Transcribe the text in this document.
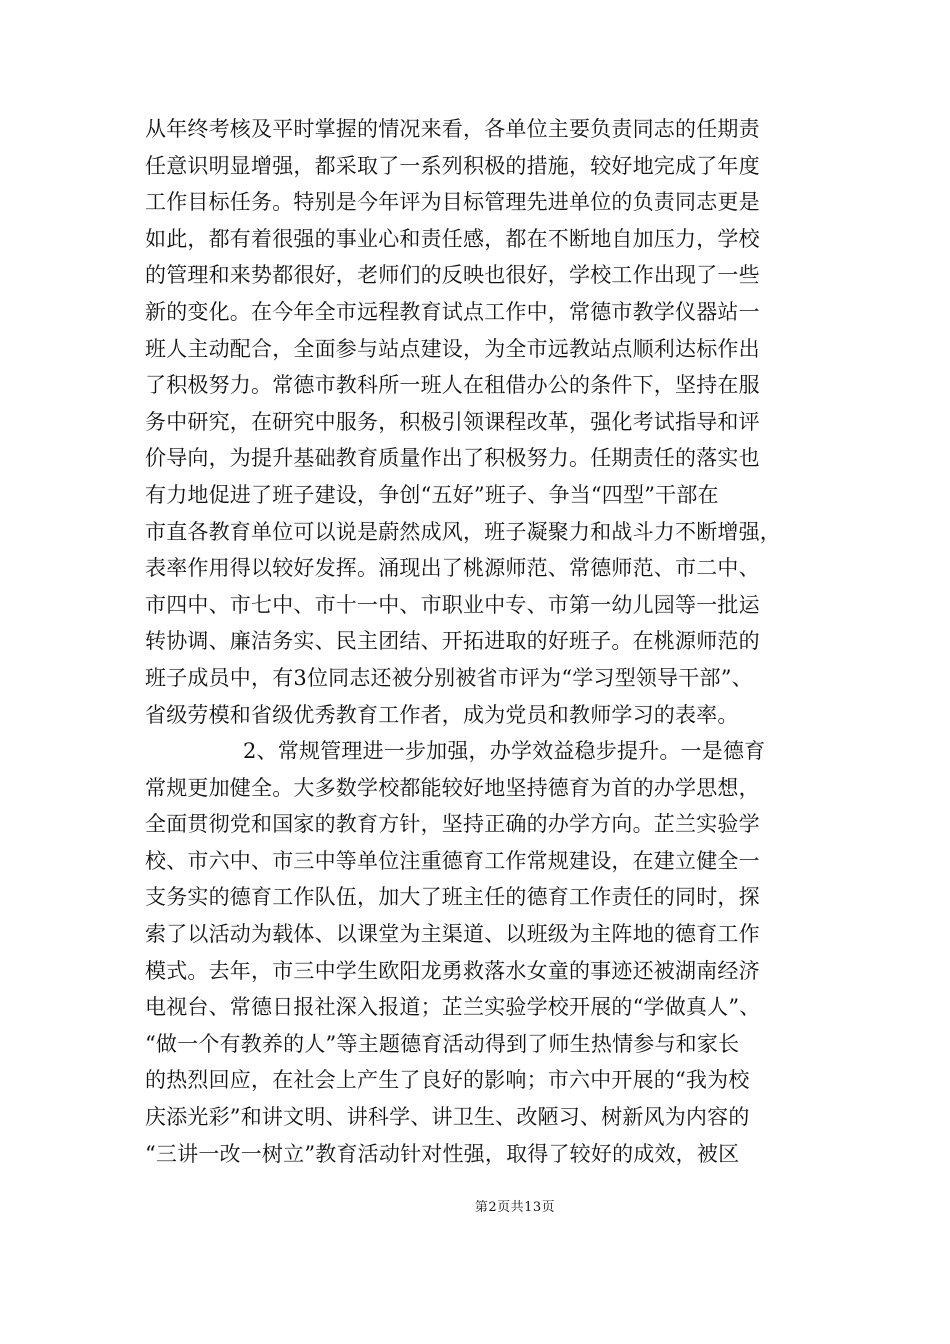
从年终考核及平时掌握的情况来看，各单位主要负责同志的任期责
任意识明显增强，都采取了一系列积极的措施，较好地完成了年度
工作目标任务。特别是今年评为目标管理先进单位的负责同志更是
如此，都有着很强的事业心和责任感，都在不断地自加压力，学校
的管理和来势都很好，老师们的反映也很好，学校工作出现了一些
新的变化。在今年全市远程教育试点工作中，常德市教学仪器站一
班人主动配合，全面参与站点建设，为全市远教站点顺利达标作出
了积极努力。常德市教科所一班人在租借办公的条件下，坚持在服
务中研究，在研究中服务，积极引领课程改革，强化考试指导和评
价导向，为提升基础教育质量作出了积极努力。任期责任的落实也
有力地促进了班子建设，争创“五好”班子、争当“四型”干部在
市直各教育单位可以说是蔚然成风，班子凝聚力和战斗力不断增强，
表率作用得以较好发挥。涌现出了桃源师范、常德师范、市二中、
市四中、市七中、市十一中、市职业中专、市第一幼儿园等一批运
转协调、廉洁务实、民主团结、开拓进取的好班子。在桃源师范的
班子成员中，有3位同志还被分别被省市评为“学习型领导干部”、
省级劳模和省级优秀教育工作者，成为党员和教师学习的表率。
2、常规管理进一步加强，办学效益稳步提升。一是德育
常规更加健全。大多数学校都能较好地坚持德育为首的办学思想，
全面贯彻党和国家的教育方针，坚持正确的办学方向。芷兰实验学
校、市六中、市三中等单位注重德育工作常规建设，在建立健全一
支务实的德育工作队伍，加大了班主任的德育工作责任的同时，探
索了以活动为载体、以课堂为主渠道、以班级为主阵地的德育工作
模式。去年，市三中学生欧阳龙勇救落水女童的事迹还被湖南经济
电视台、常德日报社深入报道；芷兰实验学校开展的“学做真人”、
“做一个有教养的人”等主题德育活动得到了师生热情参与和家长
的热烈回应，在社会上产生了良好的影响；市六中开展的“我为校
庆添光彩”和讲文明、讲科学、讲卫生、改陋习、树新风为内容的
“三讲一改一树立”教育活动针对性强，取得了较好的成效，被区
第2页共13页
